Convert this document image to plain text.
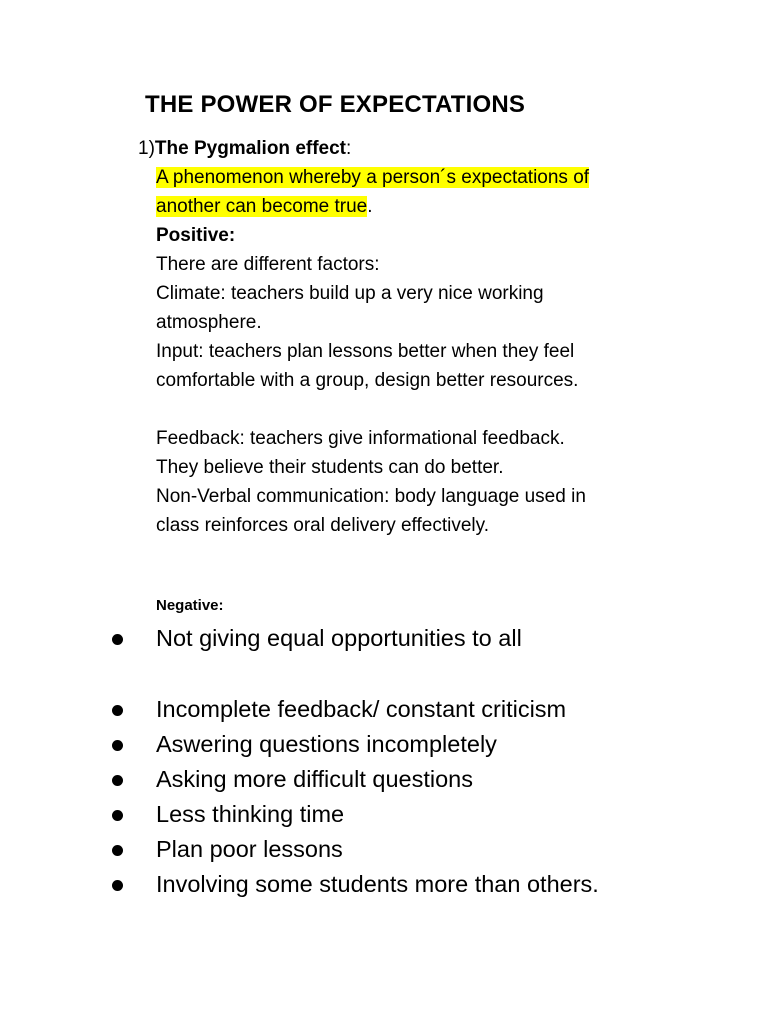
THE POWER OF EXPECTATIONS
1)The Pygmalion effect:
A phenomenon whereby a person´s expectations of
another can become true.
Positive:
There are different factors:
Climate: teachers build up a very nice working
atmosphere.
Input: teachers plan lessons better when they feel
comfortable with a group, design better resources.
Feedback: teachers give informational feedback.
They believe their students can do better.
Non-Verbal communication: body language used in
class reinforces oral delivery effectively.
Negative:
Not giving equal opportunities to all
Incomplete feedback/ constant criticism
Aswering questions incompletely
Asking more difficult questions
Less thinking time
Plan poor lessons
Involving some students more than others.
